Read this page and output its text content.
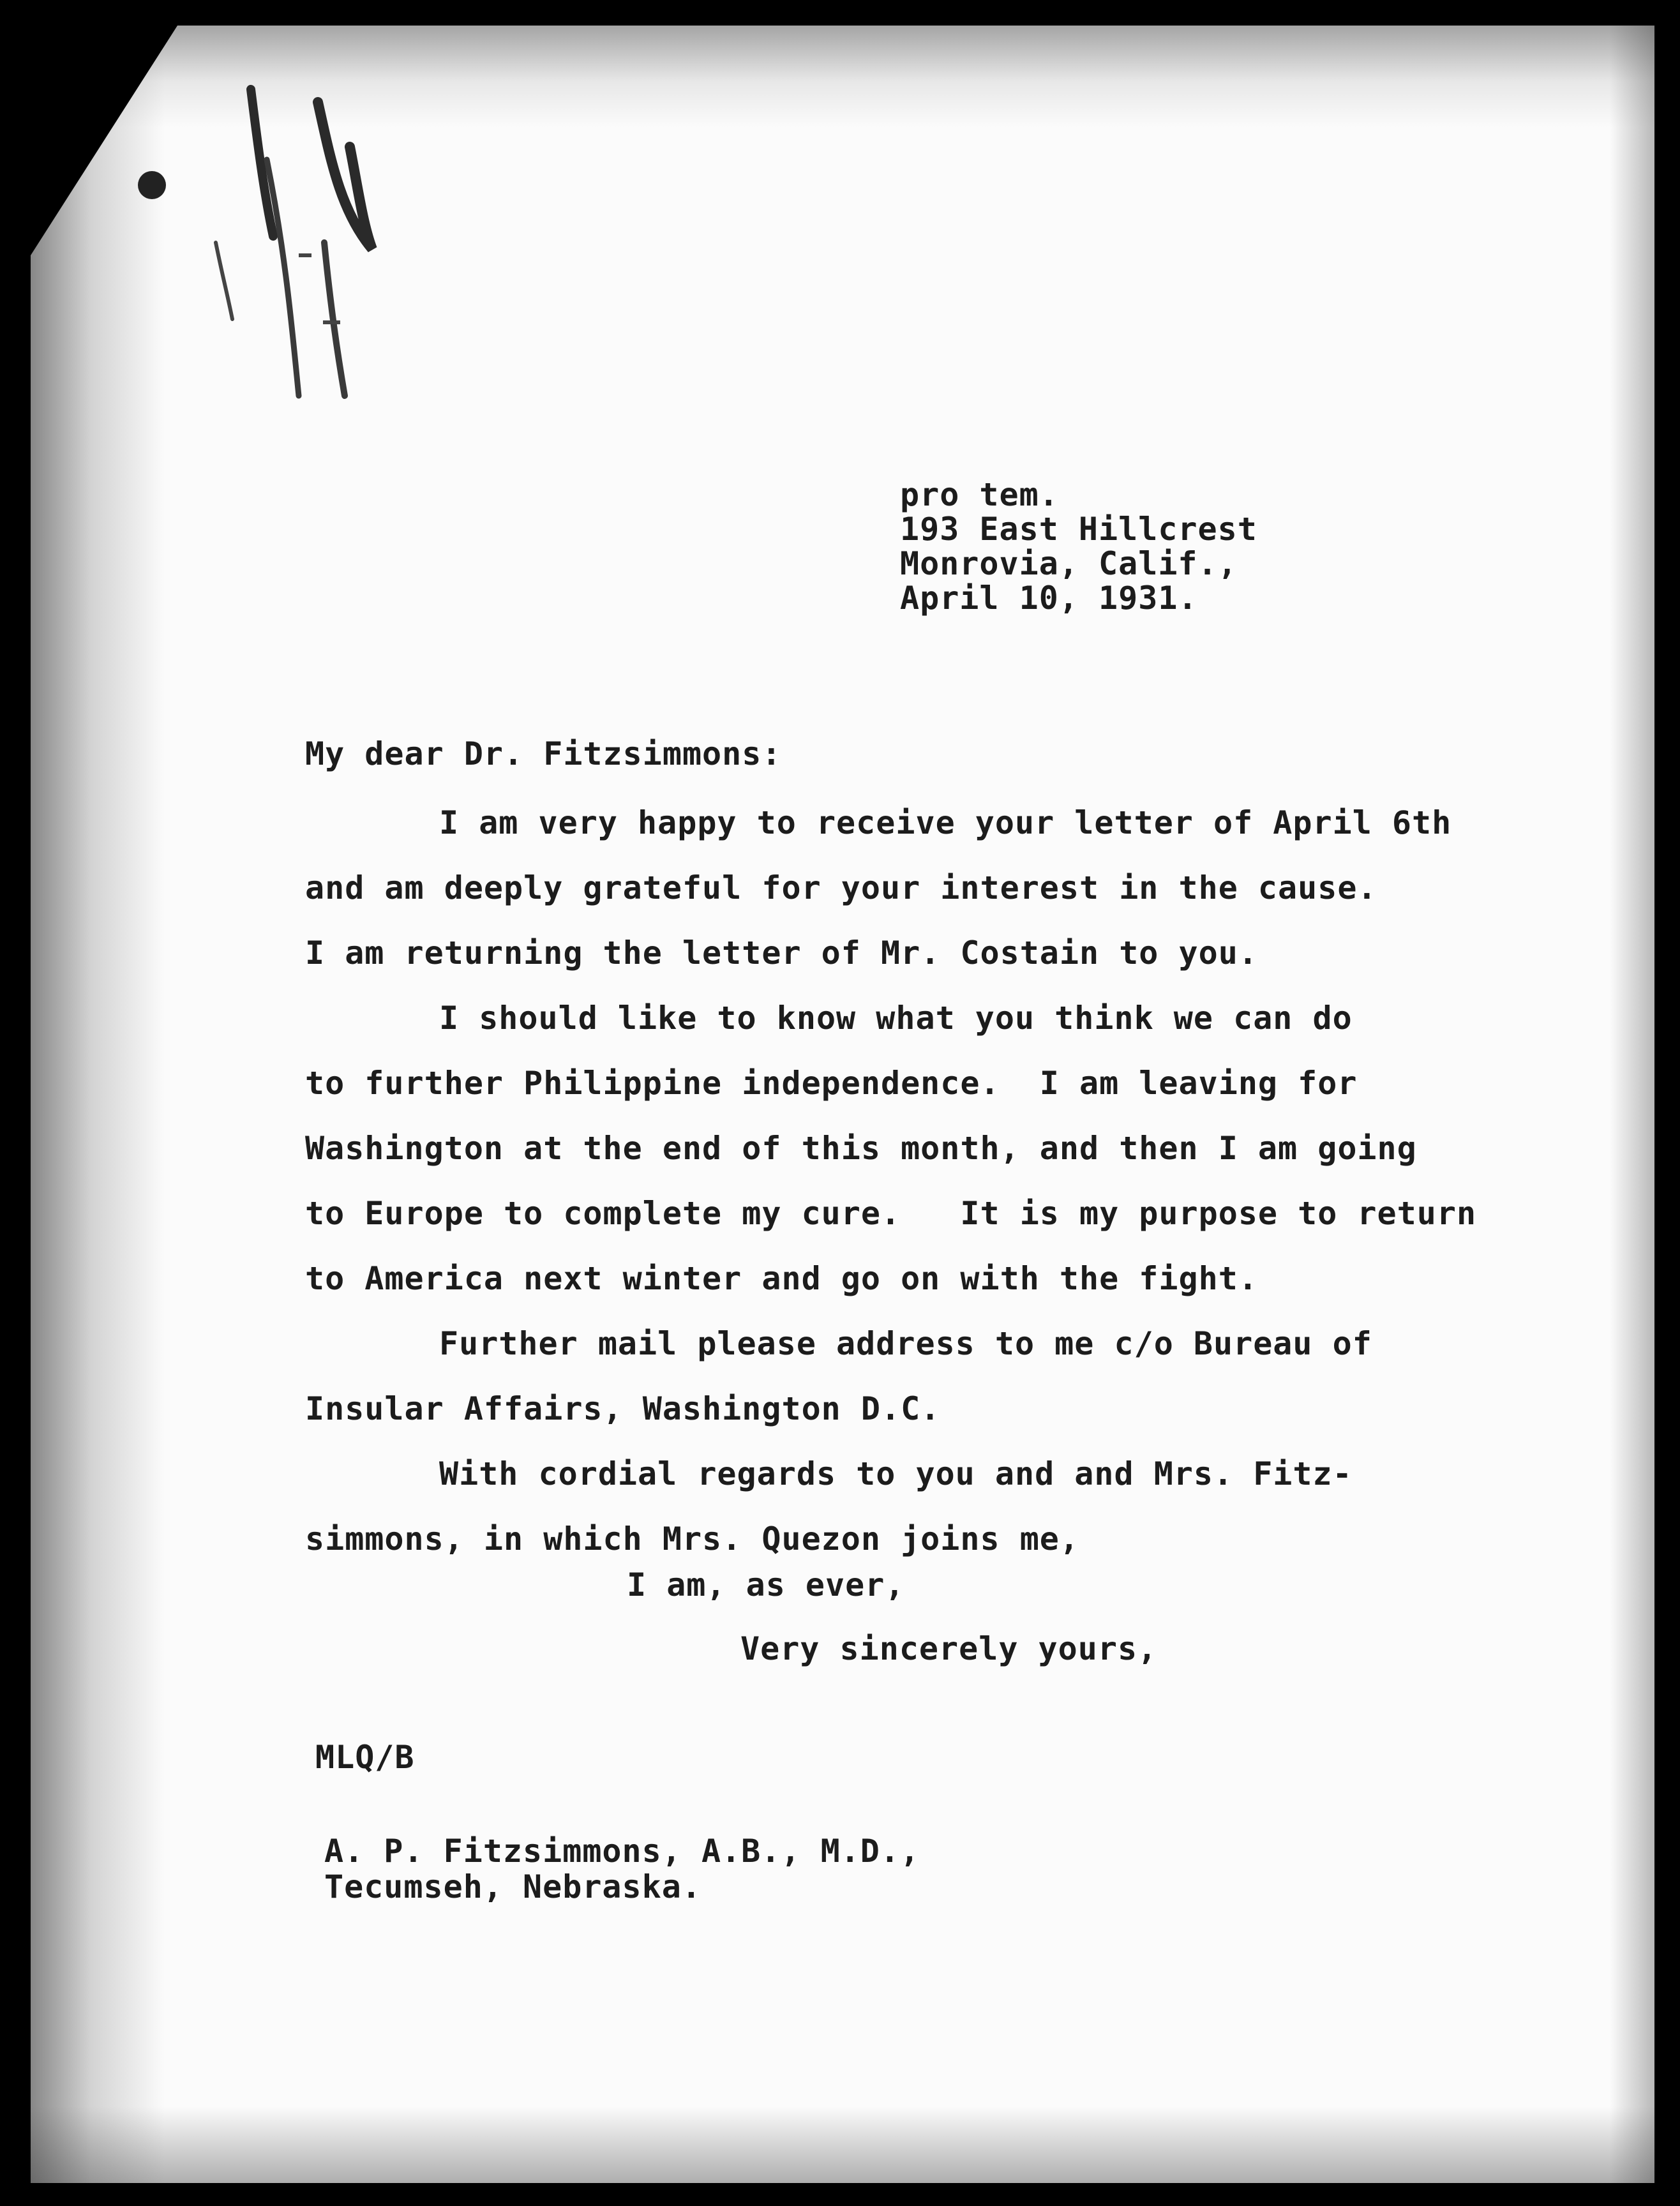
pro tem.
193 East Hillcrest
Monrovia, Calif.,
April 10, 1931.
My dear Dr. Fitzsimmons:
I am very happy to receive your letter of April 6th
and am deeply grateful for your interest in the cause.
I am returning the letter of Mr. Costain to you.
I should like to know what you think we can do
to further Philippine independence.  I am leaving for
Washington at the end of this month, and then I am going
to Europe to complete my cure.   It is my purpose to return
to America next winter and go on with the fight.
Further mail please address to me c/o Bureau of
Insular Affairs, Washington D.C.
With cordial regards to you and and Mrs. Fitz-
simmons, in which Mrs. Quezon joins me,
I am, as ever,
Very sincerely yours,
MLQ/B
A. P. Fitzsimmons, A.B., M.D.,
Tecumseh, Nebraska.
